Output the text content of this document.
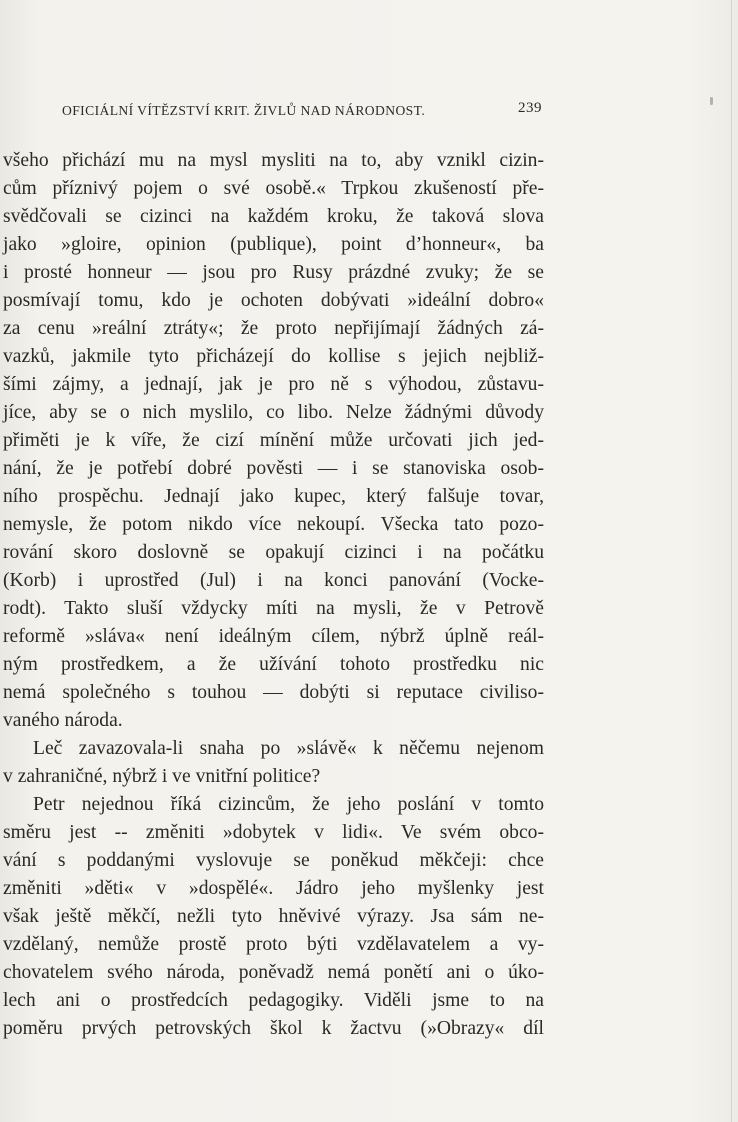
OFICIÁLNÍ VÍTĚZSTVÍ KRIT. ŽIVLŮ NAD NÁRODNOST.	239
všeho přichází mu na mysl mysliti na to, aby vznikl cizin-
cům příznivý pojem o své osobě.« Trpkou zkušeností pře-
svědčovali se cizinci na každém kroku, že taková slova
jako »gloire, opinion (publique), point d’honneur«, ba
i prosté honneur — jsou pro Rusy prázdné zvuky; že se
posmívají tomu, kdo je ochoten dobývati »ideální dobro«
za cenu »reální ztráty«; že proto nepřijímají žádných zá-
vazků, jakmile tyto přicházejí do kollise s jejich nejbliž-
šími zájmy, a jednají, jak je pro ně s výhodou, zůstavu-
jíce, aby se o nich myslilo, co libo. Nelze žádnými důvody
přiměti je k víře, že cizí mínění může určovati jich jed-
nání, že je potřebí dobré pověsti — i se stanoviska osob-
ního prospěchu. Jednají jako kupec, který falšuje tovar,
nemysle, že potom nikdo více nekoupí. Všecka tato pozo-
rování skoro doslovně se opakují cizinci i na počátku
(Korb) i uprostřed (Jul) i na konci panování (Vocke-
rodt). Takto sluší vždycky míti na mysli, že v Petrově
reformě »sláva« není ideálným cílem, nýbrž úplně reál-
ným prostředkem, a že užívání tohoto prostředku nic
nemá společného s touhou — dobýti si reputace civiliso-
vaného národa.
Leč zavazovala-li snaha po »slávě« k něčemu nejenom
v zahraničné, nýbrž i ve vnitřní politice?
Petr nejednou říká cizincům, že jeho poslání v tomto
směru jest -- změniti »dobytek v lidi«. Ve svém obco-
vání s poddanými vyslovuje se poněkud měkčeji: chce
změniti »děti« v »dospělé«. Jádro jeho myšlenky jest
však ještě měkčí, nežli tyto hněvivé výrazy. Jsa sám ne-
vzdělaný, nemůže prostě proto býti vzdělavatelem a vy-
chovatelem svého národa, poněvadž nemá ponětí ani o úko-
lech ani o prostředcích pedagogiky. Viděli jsme to na
poměru prvých petrovských škol k žactvu (»Obrazy« díl
